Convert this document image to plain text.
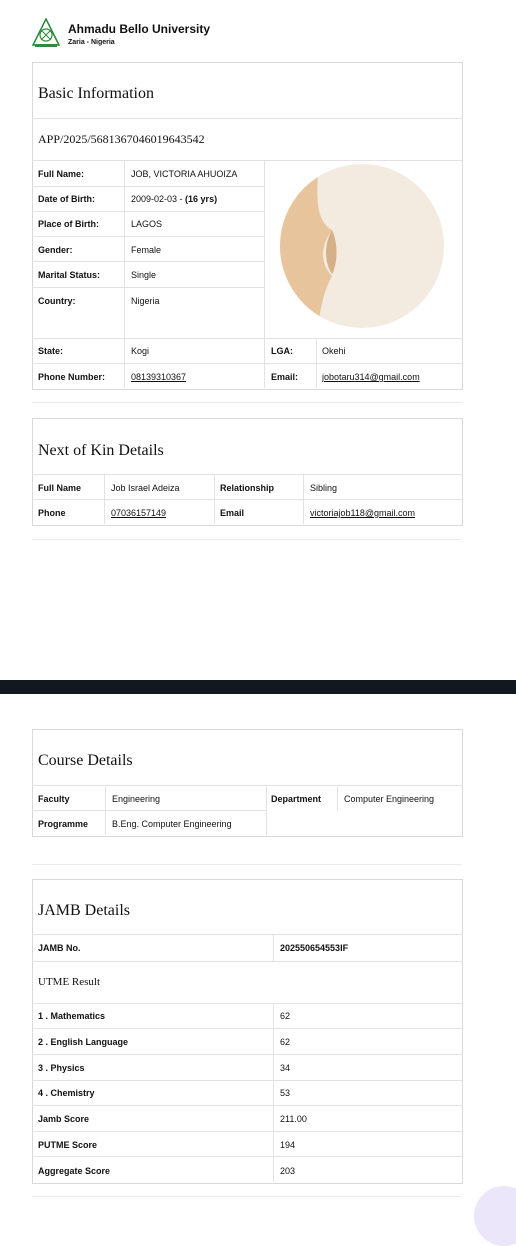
Ahmadu Bello University
Zaria - Nigeria
Basic Information
APP/2025/5681367046019643542
Full Name:	JOB, VICTORIA AHUOIZA
Date of Birth:	2009-02-03 - (16 yrs)
Place of Birth:	LAGOS
Gender:	Female
Marital Status:	Single
Country:	Nigeria
State:	Kogi	LGA:	Okehi
Phone Number:	08139310367	Email:	jobotaru314@gmail.com
Next of Kin Details
Full Name	Job Israel Adeiza	Relationship	Sibling
Phone	07036157149	Email	victoriajob118@gmail.com
Course Details
Faculty	Engineering	Department	Computer Engineering
Programme	B.Eng. Computer Engineering
JAMB Details
JAMB No.	202550654553IF
UTME Result
1 . Mathematics	62
2 . English Language	62
3 . Physics	34
4 . Chemistry	53
Jamb Score	211.00
PUTME Score	194
Aggregate Score	203
